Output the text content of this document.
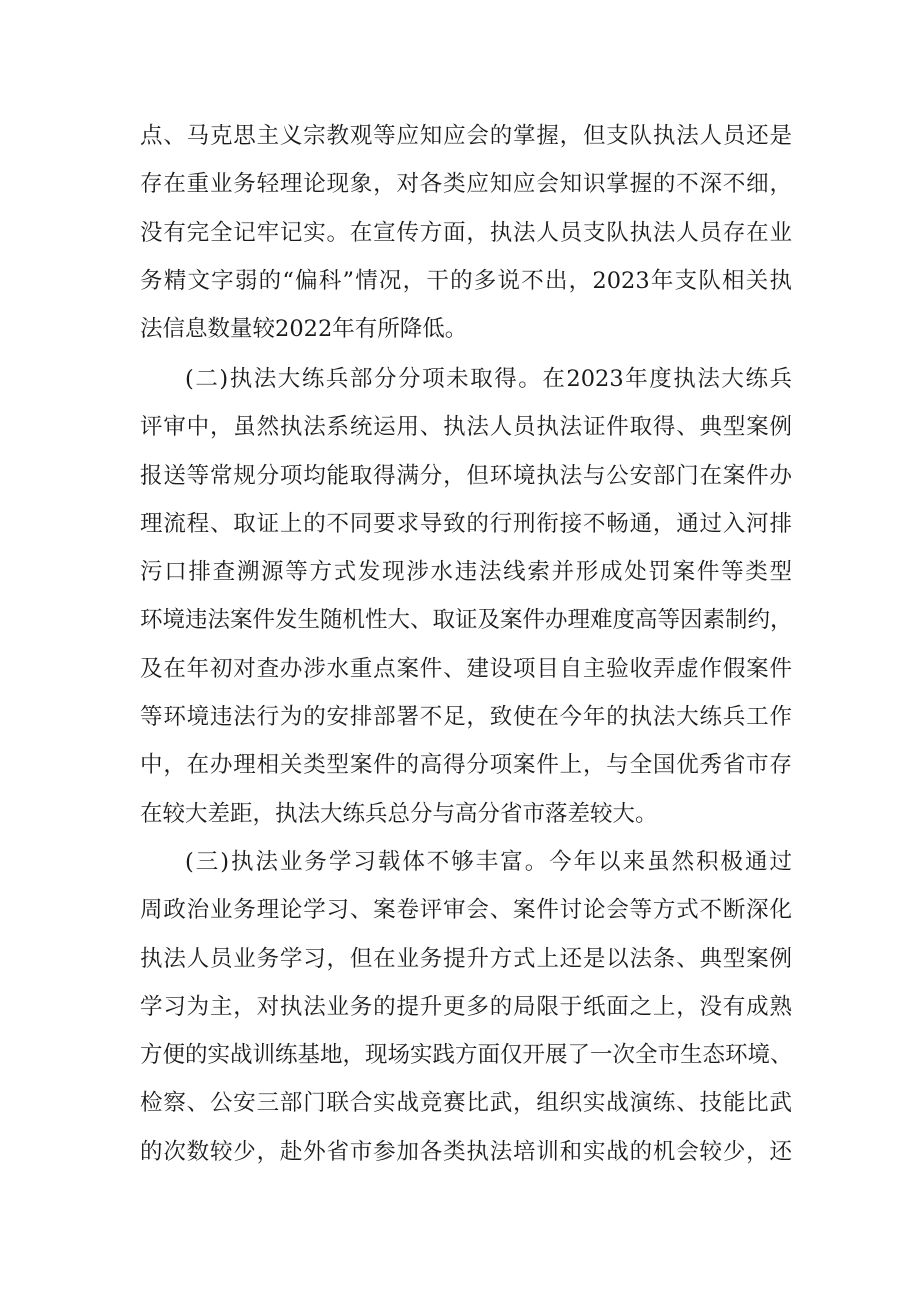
点、马克思主义宗教观等应知应会的掌握，但支队执法人员还是
存在重业务轻理论现象，对各类应知应会知识掌握的不深不细，
没有完全记牢记实。在宣传方面，执法人员支队执法人员存在业
务精文字弱的“偏科”情况，干的多说不出，2023年支队相关执
法信息数量较2022年有所降低。
(二)执法大练兵部分分项未取得。在2023年度执法大练兵
评审中，虽然执法系统运用、执法人员执法证件取得、典型案例
报送等常规分项均能取得满分，但环境执法与公安部门在案件办
理流程、取证上的不同要求导致的行刑衔接不畅通，通过入河排
污口排查溯源等方式发现涉水违法线索并形成处罚案件等类型
环境违法案件发生随机性大、取证及案件办理难度高等因素制约，
及在年初对查办涉水重点案件、建设项目自主验收弄虚作假案件
等环境违法行为的安排部署不足，致使在今年的执法大练兵工作
中，在办理相关类型案件的高得分项案件上，与全国优秀省市存
在较大差距，执法大练兵总分与高分省市落差较大。
(三)执法业务学习载体不够丰富。今年以来虽然积极通过
周政治业务理论学习、案卷评审会、案件讨论会等方式不断深化
执法人员业务学习，但在业务提升方式上还是以法条、典型案例
学习为主，对执法业务的提升更多的局限于纸面之上，没有成熟
方便的实战训练基地，现场实践方面仅开展了一次全市生态环境、
检察、公安三部门联合实战竞赛比武，组织实战演练、技能比武
的次数较少，赴外省市参加各类执法培训和实战的机会较少，还
